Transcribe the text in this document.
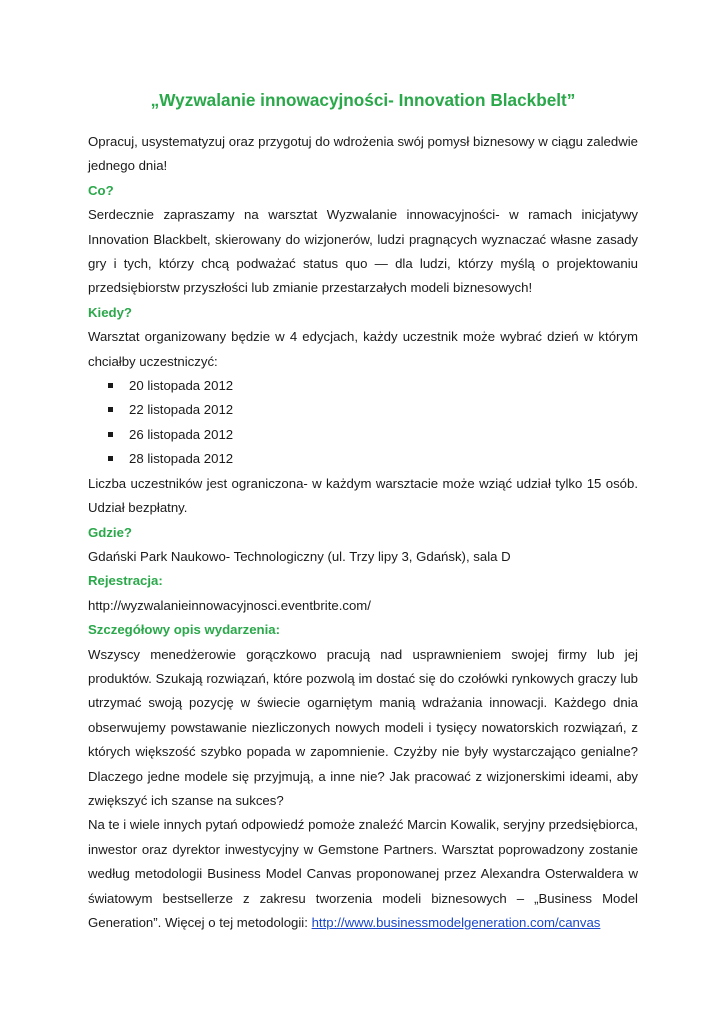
„Wyzwalanie innowacyjności- Innovation Blackbelt”

Opracuj, usystematyzuj oraz przygotuj do wdrożenia swój pomysł biznesowy w ciągu zaledwie jednego dnia!

Co?

Serdecznie zapraszamy na warsztat Wyzwalanie innowacyjności- w ramach inicjatywy Innovation Blackbelt, skierowany do wizjonerów, ludzi pragnących wyznaczać własne zasady gry i tych, którzy chcą podważać status quo — dla ludzi, którzy myślą o projektowaniu przedsiębiorstw przyszłości lub zmianie przestarzałych modeli biznesowych!

Kiedy?

Warsztat organizowany będzie w 4 edycjach, każdy uczestnik może wybrać dzień w którym chciałby uczestniczyć:

20 listopada 2012
22 listopada 2012
26 listopada 2012
28 listopada 2012

Liczba uczestników jest ograniczona- w każdym warsztacie może wziąć udział tylko 15 osób. Udział bezpłatny.

Gdzie?

Gdański Park Naukowo- Technologiczny (ul. Trzy lipy 3, Gdańsk), sala D

Rejestracja:

http://wyzwalanieinnowacyjnosci.eventbrite.com/

Szczegółowy opis wydarzenia:

Wszyscy menedżerowie gorączkowo pracują nad usprawnieniem swojej firmy lub jej produktów. Szukają rozwiązań, które pozwolą im dostać się do czołówki rynkowych graczy lub utrzymać swoją pozycję w świecie ogarniętym manią wdrażania innowacji. Każdego dnia obserwujemy powstawanie niezliczonych nowych modeli i tysięcy nowatorskich rozwiązań, z których większość szybko popada w zapomnienie. Czyżby nie były wystarczająco genialne? Dlaczego jedne modele się przyjmują, a inne nie? Jak pracować z wizjonerskimi ideami, aby zwiększyć ich szanse na sukces?

Na te i wiele innych pytań odpowiedź pomoże znaleźć Marcin Kowalik, seryjny przedsiębiorca, inwestor oraz dyrektor inwestycyjny w Gemstone Partners. Warsztat poprowadzony zostanie według metodologii Business Model Canvas proponowanej przez Alexandra Osterwaldera w światowym bestsellerze z zakresu tworzenia modeli biznesowych – „Business Model Generation”. Więcej o tej metodologii: http://www.businessmodelgeneration.com/canvas
